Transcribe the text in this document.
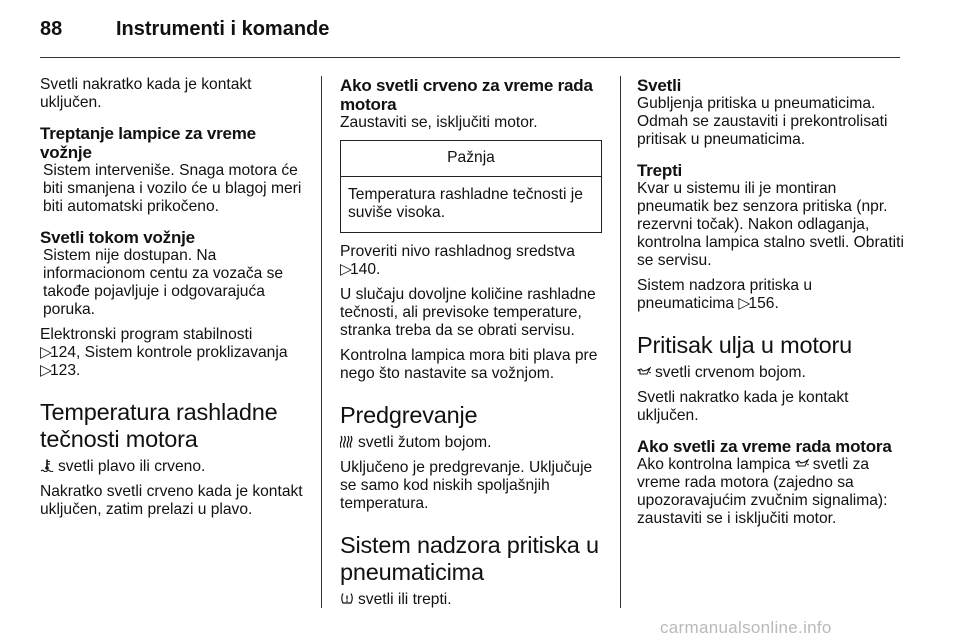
88	Instrumenti i komande

Svetli nakratko kada je kontakt uključen.

Treptanje lampice za vreme vožnje

Sistem interveniše. Snaga motora će biti smanjena i vozilo će u blagoj meri biti automatski prikočeno.

Svetli tokom vožnje

Sistem nije dostupan. Na informacionom centu za vozača se takođe pojavljuje i odgovarajuća poruka.

Elektronski program stabilnosti
▷124, Sistem kontrole proklizavanja
▷123.

Temperatura rashladne tečnosti motora

svetli plavo ili crveno.

Nakratko svetli crveno kada je kontakt uključen, zatim prelazi u plavo.

Ako svetli crveno za vreme rada motora

Zaustaviti se, isključiti motor.

Pažnja
Temperatura rashladne tečnosti je suviše visoka.

Proveriti nivo rashladnog sredstva
▷140.

U slučaju dovoljne količine rashladne tečnosti, ali previsoke temperature, stranka treba da se obrati servisu.

Kontrolna lampica mora biti plava pre nego što nastavite sa vožnjom.

Predgrevanje

svetli žutom bojom.

Uključeno je predgrevanje. Uključuje se samo kod niskih spoljašnjih temperatura.

Sistem nadzora pritiska u pneumaticima

svetli ili trepti.

Svetli

Gubljenja pritiska u pneumaticima. Odmah se zaustaviti i prekontrolisati pritisak u pneumaticima.

Trepti

Kvar u sistemu ili je montiran pneumatik bez senzora pritiska (npr. rezervni točak). Nakon odlaganja, kontrolna lampica stalno svetli. Obratiti se servisu.

Sistem nadzora pritiska u
pneumaticima ▷156.

Pritisak ulja u motoru

svetli crvenom bojom.

Svetli nakratko kada je kontakt uključen.

Ako svetli za vreme rada motora

Ako kontrolna lampica svetli za vreme rada motora (zajedno sa upozoravajućim zvučnim signalima): zaustaviti se i isključiti motor.

carmanualsonline.info
